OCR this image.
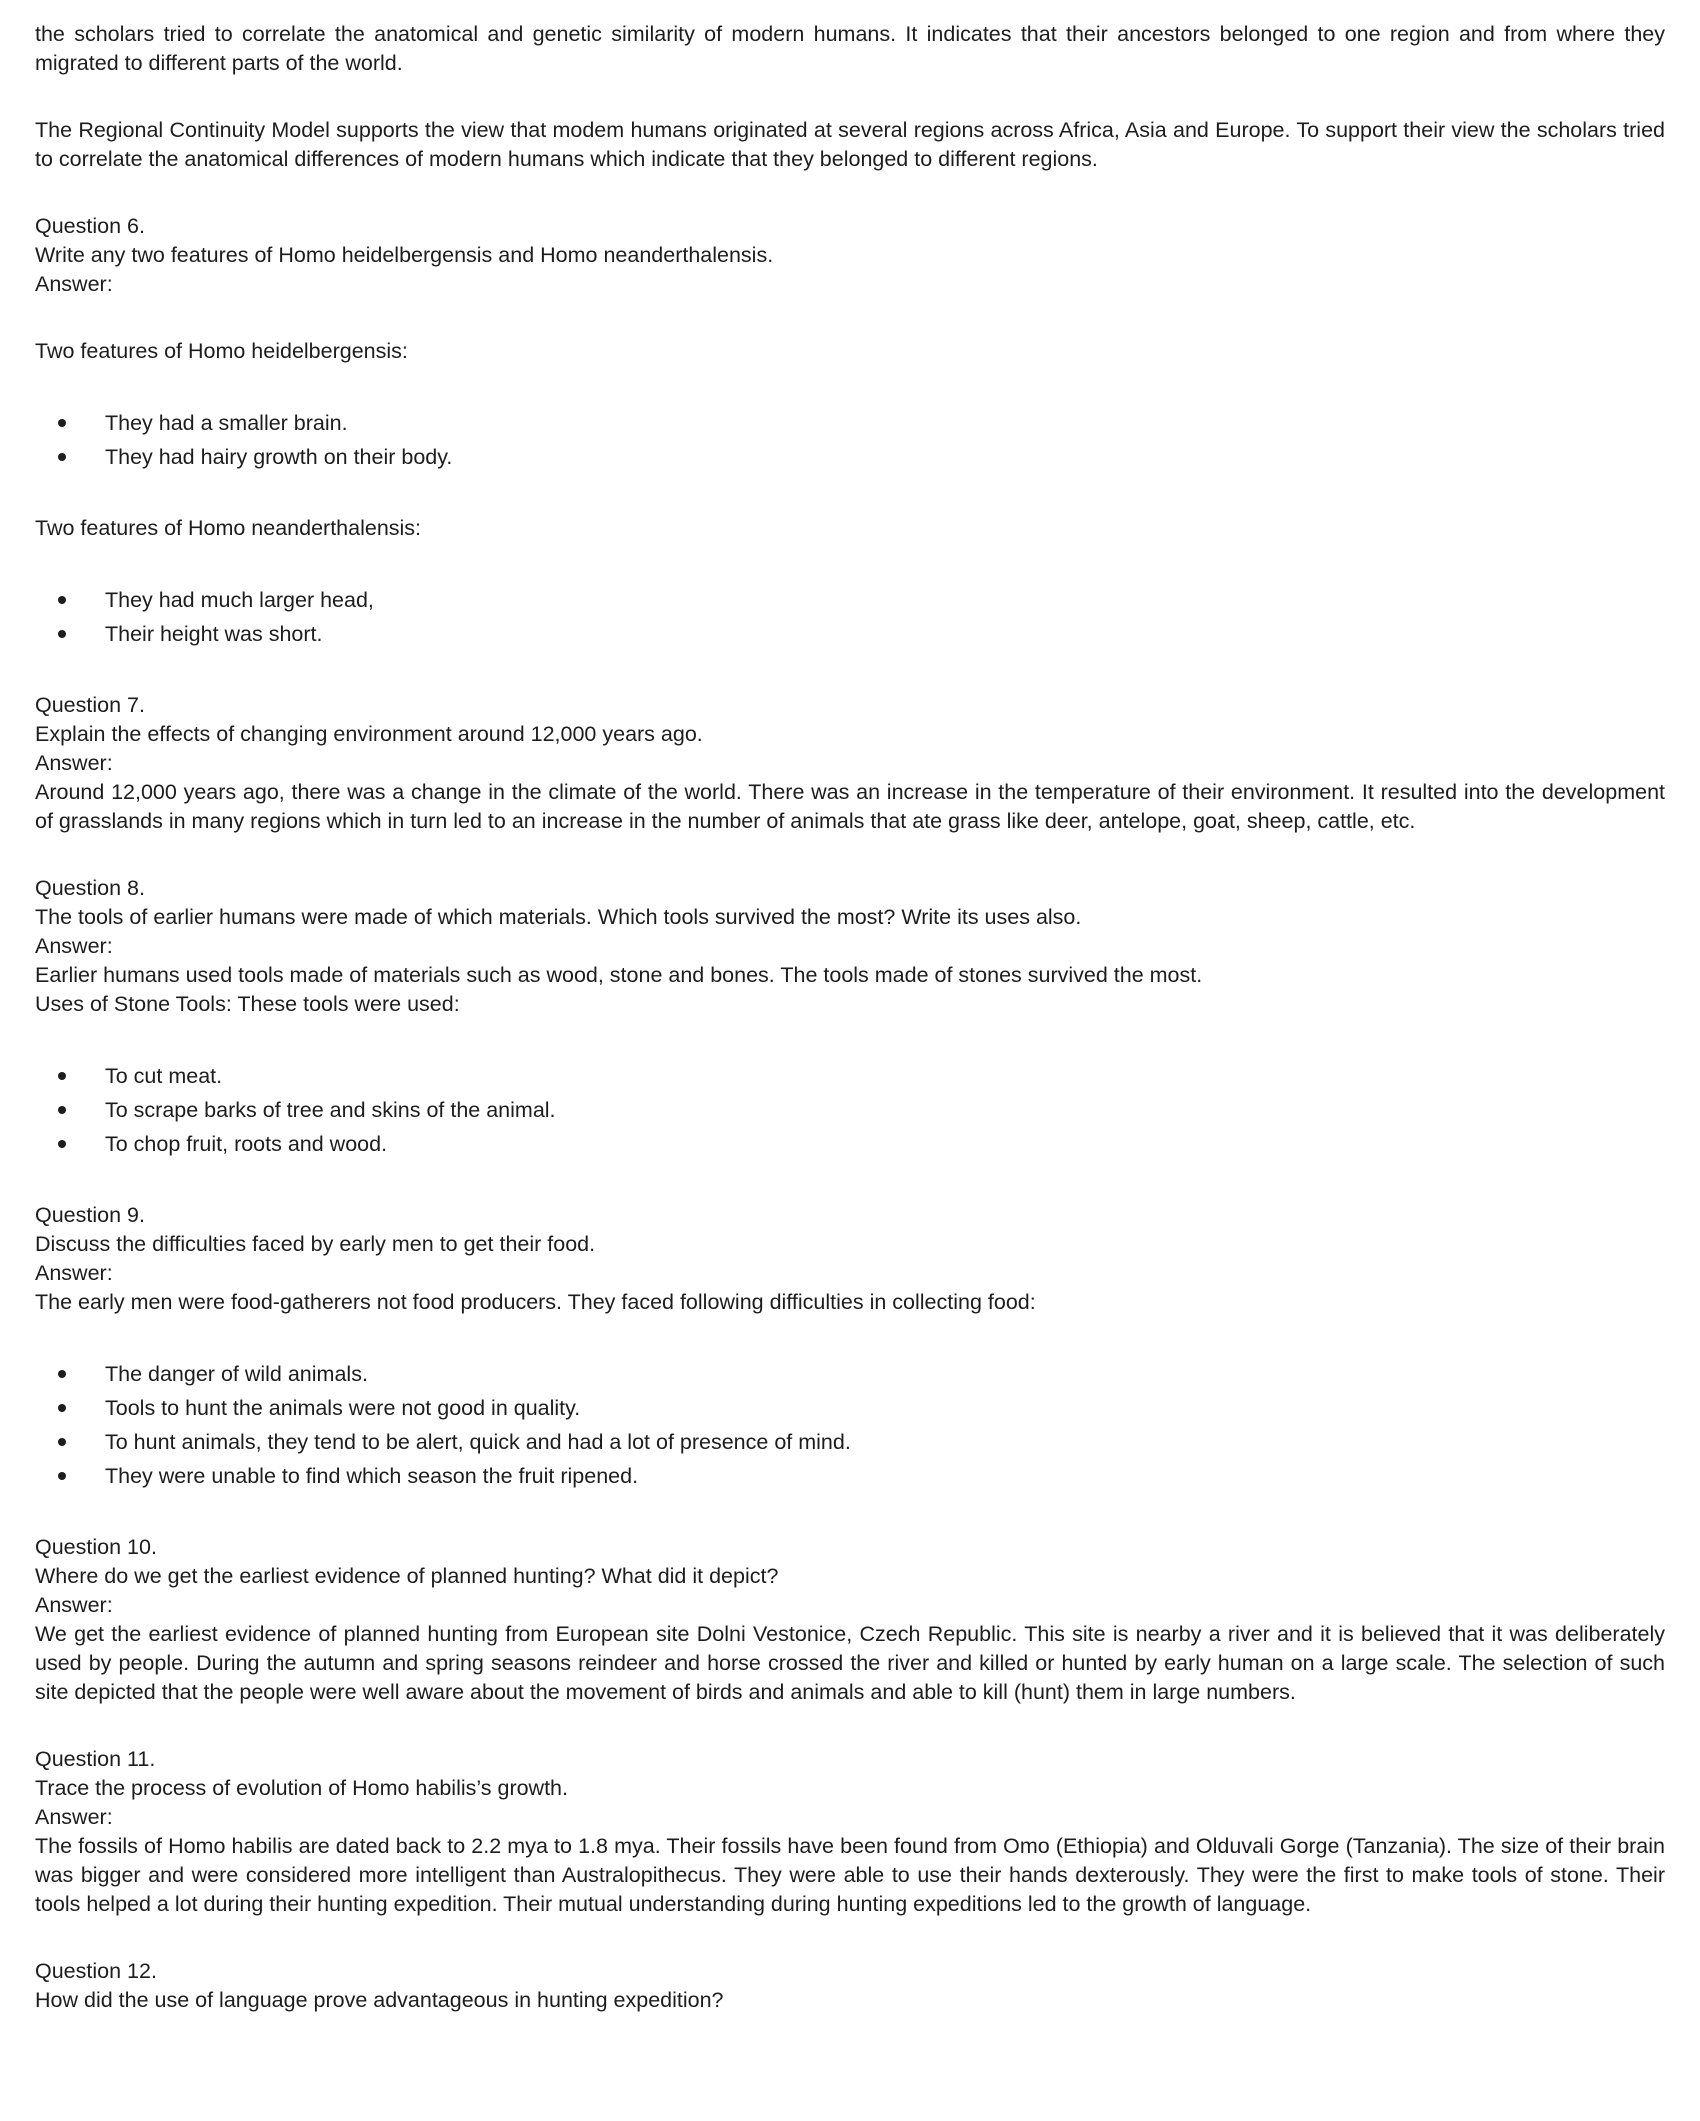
the scholars tried to correlate the anatomical and genetic similarity of modern humans. It indicates that their ancestors belonged to one region and from where they migrated to different parts of the world.
The Regional Continuity Model supports the view that modem humans originated at several regions across Africa, Asia and Europe. To support their view the scholars tried to correlate the anatomical differences of modern humans which indicate that they belonged to different regions.
Question 6.
Write any two features of Homo heidelbergensis and Homo neanderthalensis.
Answer:
Two features of Homo heidelbergensis:
They had a smaller brain.
They had hairy growth on their body.
Two features of Homo neanderthalensis:
They had much larger head,
Their height was short.
Question 7.
Explain the effects of changing environment around 12,000 years ago.
Answer:
Around 12,000 years ago, there was a change in the climate of the world. There was an increase in the temperature of their environment. It resulted into the development of grasslands in many regions which in turn led to an increase in the number of animals that ate grass like deer, antelope, goat, sheep, cattle, etc.
Question 8.
The tools of earlier humans were made of which materials. Which tools survived the most? Write its uses also.
Answer:
Earlier humans used tools made of materials such as wood, stone and bones. The tools made of stones survived the most.
Uses of Stone Tools: These tools were used:
To cut meat.
To scrape barks of tree and skins of the animal.
To chop fruit, roots and wood.
Question 9.
Discuss the difficulties faced by early men to get their food.
Answer:
The early men were food-gatherers not food producers. They faced following difficulties in collecting food:
The danger of wild animals.
Tools to hunt the animals were not good in quality.
To hunt animals, they tend to be alert, quick and had a lot of presence of mind.
They were unable to find which season the fruit ripened.
Question 10.
Where do we get the earliest evidence of planned hunting? What did it depict?
Answer:
We get the earliest evidence of planned hunting from European site Dolni Vestonice, Czech Republic. This site is nearby a river and it is believed that it was deliberately used by people. During the autumn and spring seasons reindeer and horse crossed the river and killed or hunted by early human on a large scale. The selection of such site depicted that the people were well aware about the movement of birds and animals and able to kill (hunt) them in large numbers.
Question 11.
Trace the process of evolution of Homo habilis’s growth.
Answer:
The fossils of Homo habilis are dated back to 2.2 mya to 1.8 mya. Their fossils have been found from Omo (Ethiopia) and Olduvali Gorge (Tanzania). The size of their brain was bigger and were considered more intelligent than Australopithecus. They were able to use their hands dexterously. They were the first to make tools of stone. Their tools helped a lot during their hunting expedition. Their mutual understanding during hunting expeditions led to the growth of language.
Question 12.
How did the use of language prove advantageous in hunting expedition?
